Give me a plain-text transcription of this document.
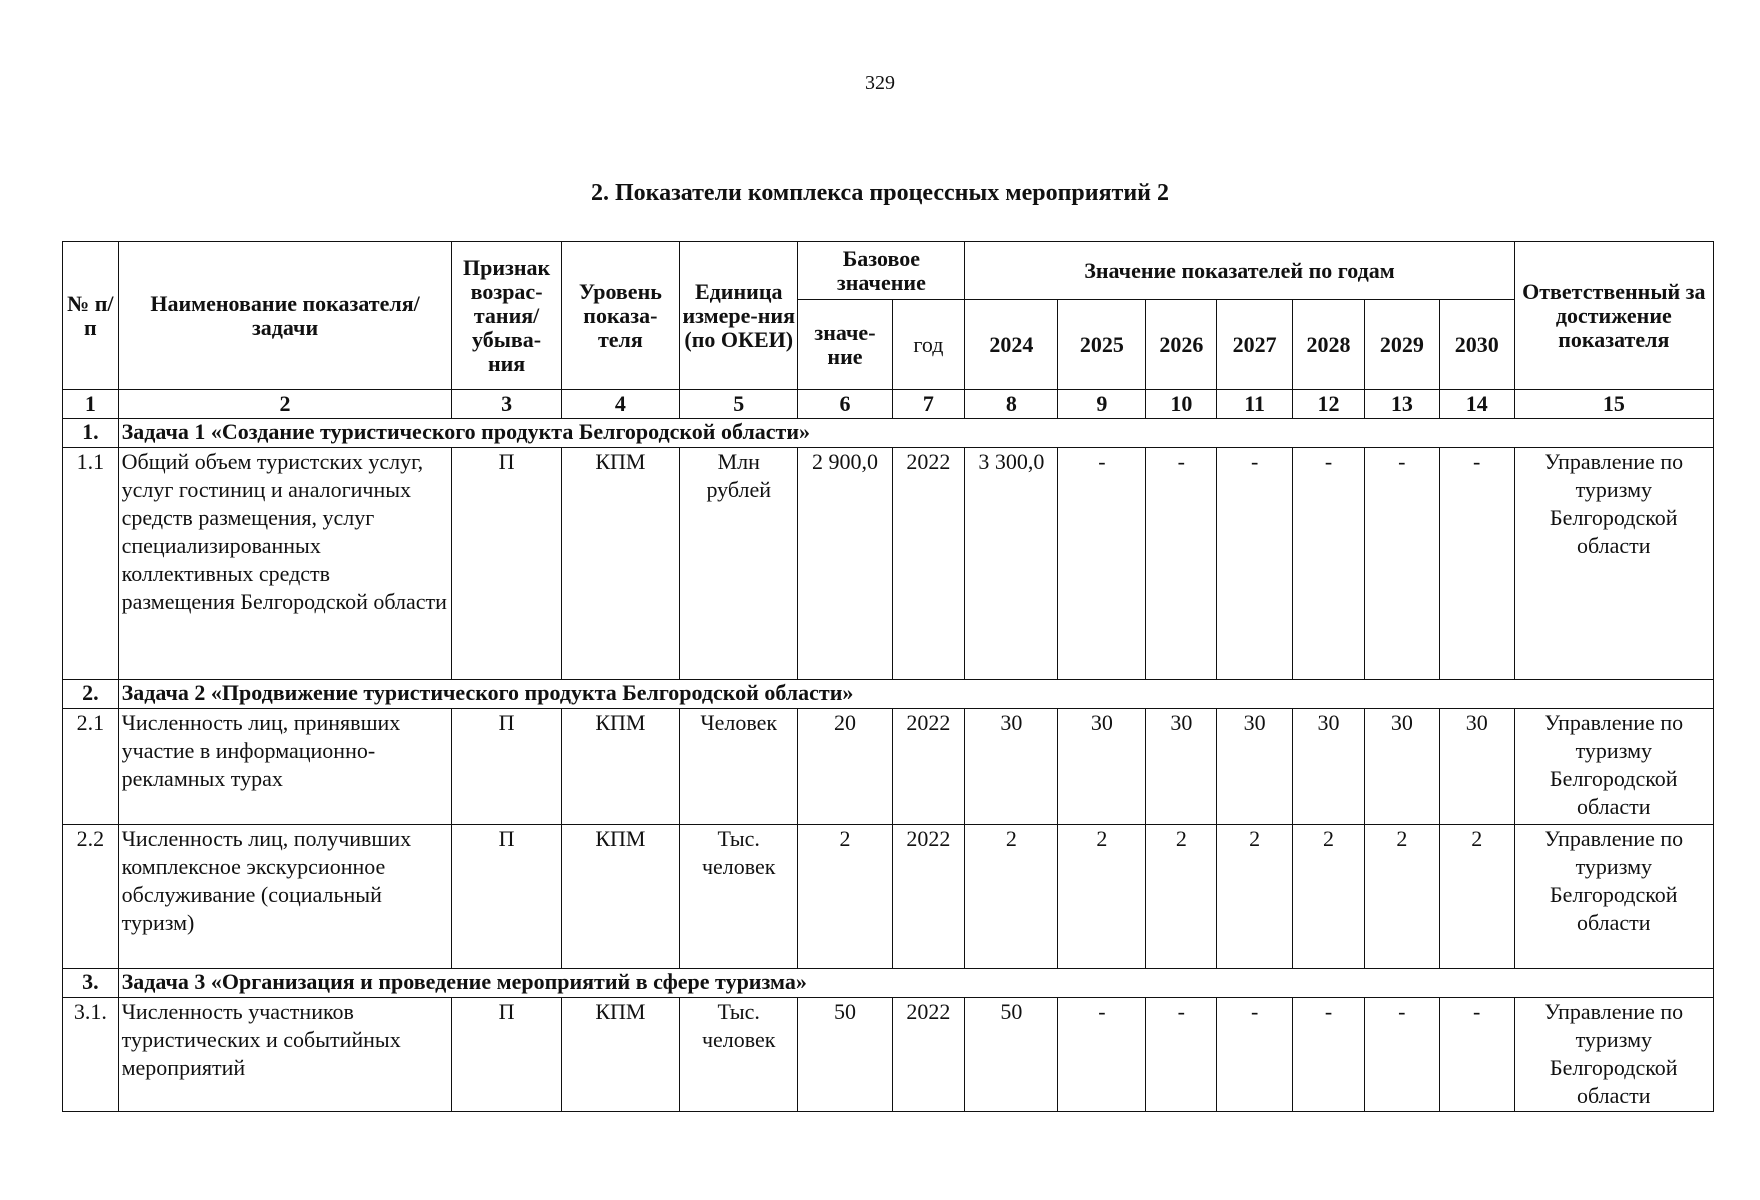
329
2. Показатели комплекса процессных мероприятий 2
№ п/п	Наименование показателя/задачи	Признак возрас-тания/ убыва-ния	Уровень показа-теля	Единица измере-ния (по ОКЕИ)	Базовое значение		Значение показателей по годам							Ответственный за достижение показателя
					значе-ние	год	2024	2025	2026	2027	2028	2029	2030	
1	2	3	4	5	6	7	8	9	10	11	12	13	14	15
1.	Задача 1 «Создание туристического продукта Белгородской области»													
1.1	Общий объем туристских услуг, услуг гостиниц и аналогичных средств размещения, услуг специализированных коллективных средств размещения Белгородской области	П	КПМ	Млн рублей	2 900,0	2022	3 300,0	-	-	-	-	-	-	Управление по туризму Белгородской области
2.	Задача 2 «Продвижение туристического продукта Белгородской области»													
2.1	Численность лиц, принявших участие в информационно-рекламных турах	П	КПМ	Человек	20	2022	30	30	30	30	30	30	30	Управление по туризму Белгородской области
2.2	Численность лиц, получивших комплексное экскурсионное обслуживание (социальный туризм)	П	КПМ	Тыс. человек	2	2022	2	2	2	2	2	2	2	Управление по туризму Белгородской области
3.	Задача 3 «Организация и проведение мероприятий в сфере туризма»													
3.1.	Численность участников туристических и событийных мероприятий	П	КПМ	Тыс. человек	50	2022	50	-	-	-	-	-	-	Управление по туризму Белгородской области
